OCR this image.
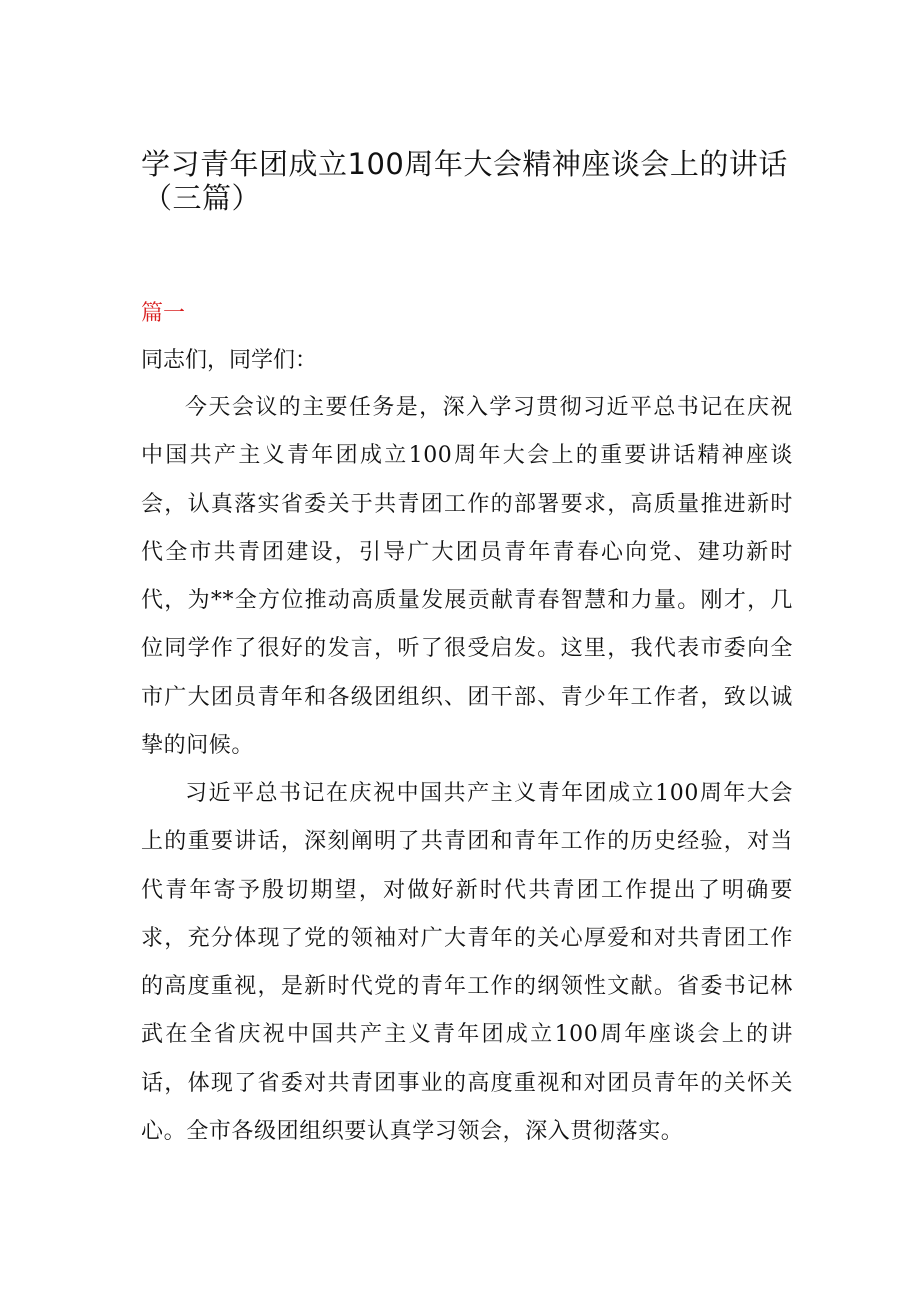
学习青年团成立100周年大会精神座谈会上的讲话
（三篇）
篇一
同志们，同学们：

今天会议的主要任务是，深入学习贯彻习近平总书记在庆祝中国共产主义青年团成立100周年大会上的重要讲话精神座谈会，认真落实省委关于共青团工作的部署要求，高质量推进新时代全市共青团建设，引导广大团员青年青春心向党、建功新时代，为**全方位推动高质量发展贡献青春智慧和力量。刚才，几位同学作了很好的发言，听了很受启发。这里，我代表市委向全市广大团员青年和各级团组织、团干部、青少年工作者，致以诚挚的问候。

习近平总书记在庆祝中国共产主义青年团成立100周年大会上的重要讲话，深刻阐明了共青团和青年工作的历史经验，对当代青年寄予殷切期望，对做好新时代共青团工作提出了明确要求，充分体现了党的领袖对广大青年的关心厚爱和对共青团工作的高度重视，是新时代党的青年工作的纲领性文献。省委书记林武在全省庆祝中国共产主义青年团成立100周年座谈会上的讲话，体现了省委对共青团事业的高度重视和对团员青年的关怀关心。全市各级团组织要认真学习领会，深入贯彻落实。
